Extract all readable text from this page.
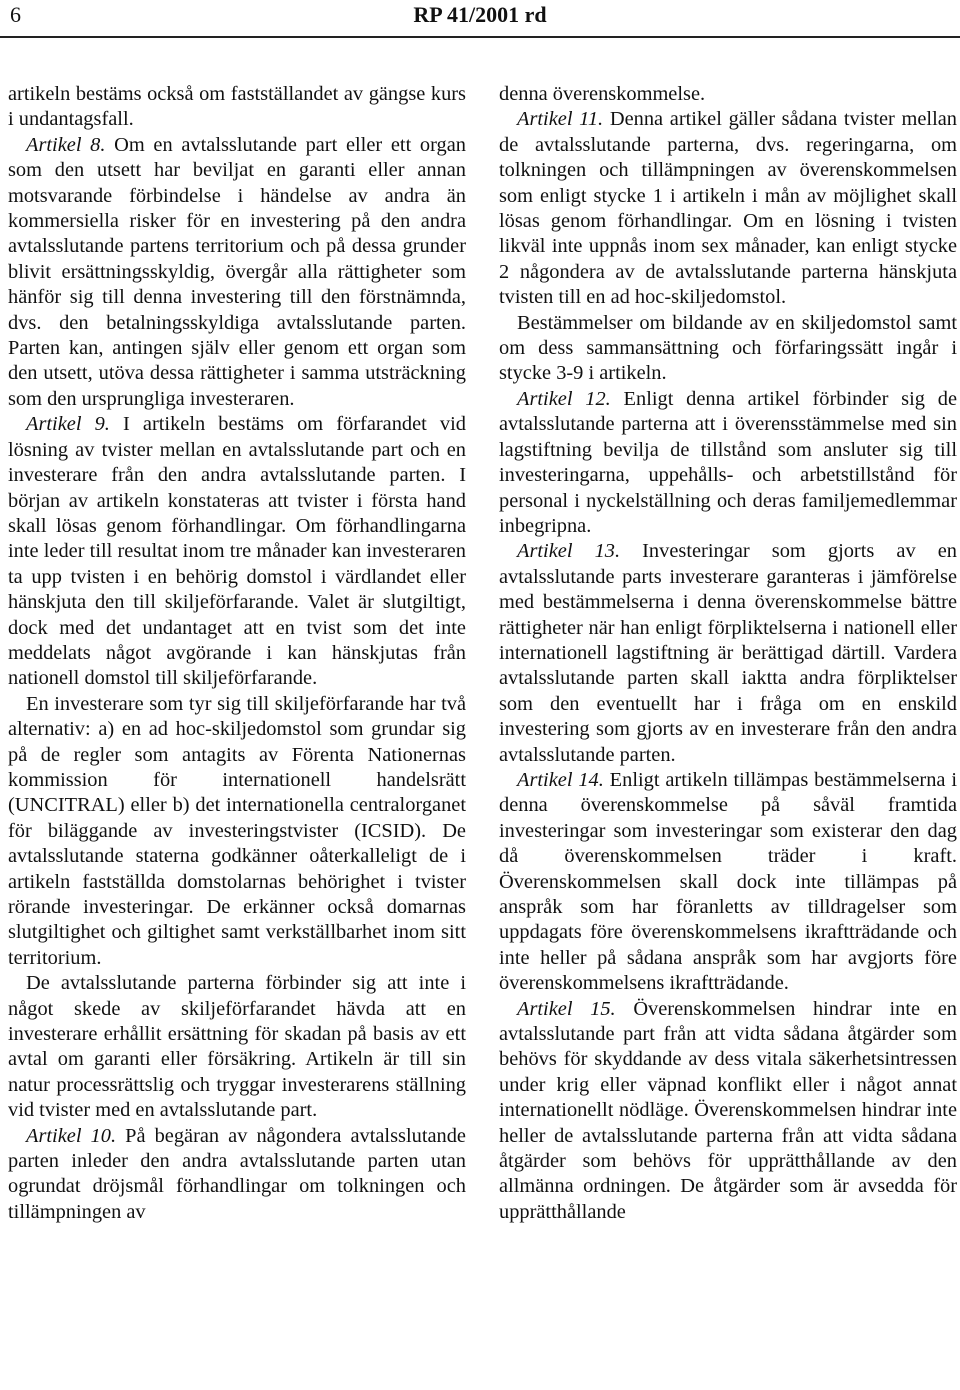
6	RP 41/2001 rd

artikeln bestäms också om fastställandet av gängse kurs i undantagsfall.

Artikel 8. Om en avtalsslutande part eller ett organ som den utsett har beviljat en garanti eller annan motsvarande förbindelse i händelse av andra än kommersiella risker för en investering på den andra avtalsslutande partens territorium och på dessa grunder blivit ersättningsskyldig, övergår alla rättigheter som hänför sig till denna investering till den förstnämnda, dvs. den betalningsskyldiga avtalsslutande parten. Parten kan, antingen själv eller genom ett organ som den utsett, utöva dessa rättigheter i samma utsträckning som den ursprungliga investeraren.

Artikel 9. I artikeln bestäms om förfarandet vid lösning av tvister mellan en avtalsslutande part och en investerare från den andra avtalsslutande parten. I början av artikeln konstateras att tvister i första hand skall lösas genom förhandlingar. Om förhandlingarna inte leder till resultat inom tre månader kan investeraren ta upp tvisten i en behörig domstol i värdlandet eller hänskjuta den till skiljeförfarande. Valet är slutgiltigt, dock med det undantaget att en tvist som det inte meddelats något avgörande i kan hänskjutas från nationell domstol till skiljeförfarande.

En investerare som tyr sig till skiljeförfarande har två alternativ: a) en ad hoc-skiljedomstol som grundar sig på de regler som antagits av Förenta Nationernas kommission för internationell handelsrätt (UNCITRAL) eller b) det internationella centralorganet för biläggande av investeringstvister (ICSID). De avtalsslutande staterna godkänner oåterkalleligt de i artikeln fastställda domstolarnas behörighet i tvister rörande investeringar. De erkänner också domarnas slutgiltighet och giltighet samt verkställbarhet inom sitt territorium.

De avtalsslutande parterna förbinder sig att inte i något skede av skiljeförfarandet hävda att en investerare erhållit ersättning för skadan på basis av ett avtal om garanti eller försäkring. Artikeln är till sin natur processrättslig och tryggar investerarens ställning vid tvister med en avtalsslutande part.

Artikel 10. På begäran av någondera avtalsslutande parten inleder den andra avtalsslutande parten utan ogrundat dröjsmål förhandlingar om tolkningen och tillämpningen av

denna överenskommelse.

Artikel 11. Denna artikel gäller sådana tvister mellan de avtalsslutande parterna, dvs. regeringarna, om tolkningen och tillämpningen av överenskommelsen som enligt stycke 1 i artikeln i mån av möjlighet skall lösas genom förhandlingar. Om en lösning i tvisten likväl inte uppnås inom sex månader, kan enligt stycke 2 någondera av de avtalsslutande parterna hänskjuta tvisten till en ad hoc-skiljedomstol.

Bestämmelser om bildande av en skiljedomstol samt om dess sammansättning och förfaringssätt ingår i stycke 3-9 i artikeln.

Artikel 12. Enligt denna artikel förbinder sig de avtalsslutande parterna att i överensstämmelse med sin lagstiftning bevilja de tillstånd som ansluter sig till investeringarna, uppehålls- och arbetstillstånd för personal i nyckelställning och deras familjemedlemmar inbegripna.

Artikel 13. Investeringar som gjorts av en avtalsslutande parts investerare garanteras i jämförelse med bestämmelserna i denna överenskommelse bättre rättigheter när han enligt förpliktelserna i nationell eller internationell lagstiftning är berättigad därtill. Vardera avtalsslutande parten skall iaktta andra förpliktelser som den eventuellt har i fråga om en enskild investering som gjorts av en investerare från den andra avtalsslutande parten.

Artikel 14. Enligt artikeln tillämpas bestämmelserna i denna överenskommelse på såväl framtida investeringar som investeringar som existerar den dag då överenskommelsen träder i kraft. Överenskommelsen skall dock inte tillämpas på anspråk som har föranletts av tilldragelser som uppdagats före överenskommelsens ikraftträdande och inte heller på sådana anspråk som har avgjorts före överenskommelsens ikraftträdande.

Artikel 15. Överenskommelsen hindrar inte en avtalsslutande part från att vidta sådana åtgärder som behövs för skyddande av dess vitala säkerhetsintressen under krig eller väpnad konflikt eller i något annat internationellt nödläge. Överenskommelsen hindrar inte heller de avtalsslutande parterna från att vidta sådana åtgärder som behövs för upprätthållande av den allmänna ordningen. De åtgärder som är avsedda för upprätthållande
